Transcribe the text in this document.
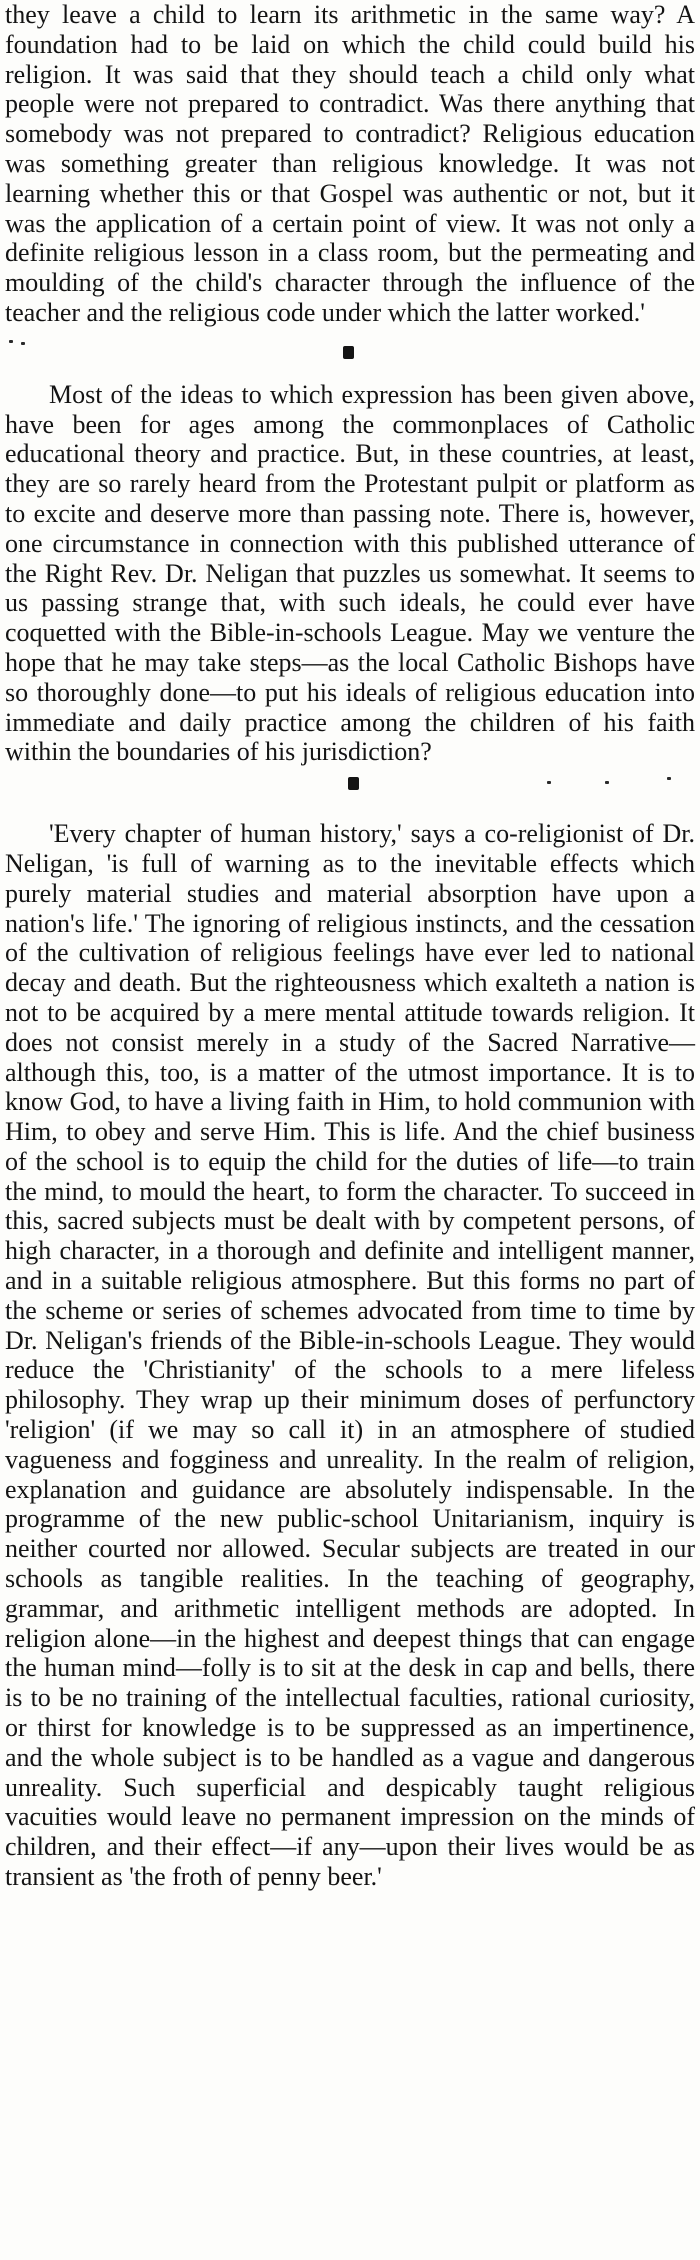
they leave a child to learn its arithmetic in the same way? A foundation had to be laid on which the child could build his religion. It was said that they should teach a child only what people were not prepared to contradict. Was there anything that somebody was not prepared to contradict? Religious education was something greater than religious knowledge. It was not learning whether this or that Gospel was authentic or not, but it was the application of a certain point of view. It was not only a definite religious lesson in a class room, but the permeating and moulding of the child's character through the influence of the teacher and the religious code under which the latter worked.'

Most of the ideas to which expression has been given above, have been for ages among the commonplaces of Catholic educational theory and practice. But, in these countries, at least, they are so rarely heard from the Protestant pulpit or platform as to excite and deserve more than passing note. There is, however, one circumstance in connection with this published utterance of the Right Rev. Dr. Neligan that puzzles us somewhat. It seems to us passing strange that, with such ideals, he could ever have coquetted with the Bible-in-schools League. May we venture the hope that he may take steps—as the local Catholic Bishops have so thoroughly done—to put his ideals of religious education into immediate and daily practice among the children of his faith within the boundaries of his jurisdiction?

'Every chapter of human history,' says a co-religionist of Dr. Neligan, 'is full of warning as to the inevitable effects which purely material studies and material absorption have upon a nation's life.' The ignoring of religious instincts, and the cessation of the cultivation of religious feelings have ever led to national decay and death. But the righteousness which exalteth a nation is not to be acquired by a mere mental attitude towards religion. It does not consist merely in a study of the Sacred Narrative—although this, too, is a matter of the utmost importance. It is to know God, to have a living faith in Him, to hold communion with Him, to obey and serve Him. This is life. And the chief business of the school is to equip the child for the duties of life—to train the mind, to mould the heart, to form the character. To succeed in this, sacred subjects must be dealt with by competent persons, of high character, in a thorough and definite and intelligent manner, and in a suitable religious atmosphere. But this forms no part of the scheme or series of schemes advocated from time to time by Dr. Neligan's friends of the Bible-in-schools League. They would reduce the 'Christianity' of the schools to a mere lifeless philosophy. They wrap up their minimum doses of perfunctory 'religion' (if we may so call it) in an atmosphere of studied vagueness and fogginess and unreality. In the realm of religion, explanation and guidance are absolutely indispensable. In the programme of the new public-school Unitarianism, inquiry is neither courted nor allowed. Secular subjects are treated in our schools as tangible realities. In the teaching of geography, grammar, and arithmetic intelligent methods are adopted. In religion alone—in the highest and deepest things that can engage the human mind—folly is to sit at the desk in cap and bells, there is to be no training of the intellectual faculties, rational curiosity, or thirst for knowledge is to be suppressed as an impertinence, and the whole subject is to be handled as a vague and dangerous unreality. Such superficial and despicably taught religious vacuities would leave no permanent impression on the minds of children, and their effect—if any—upon their lives would be as transient as 'the froth of penny beer.'
